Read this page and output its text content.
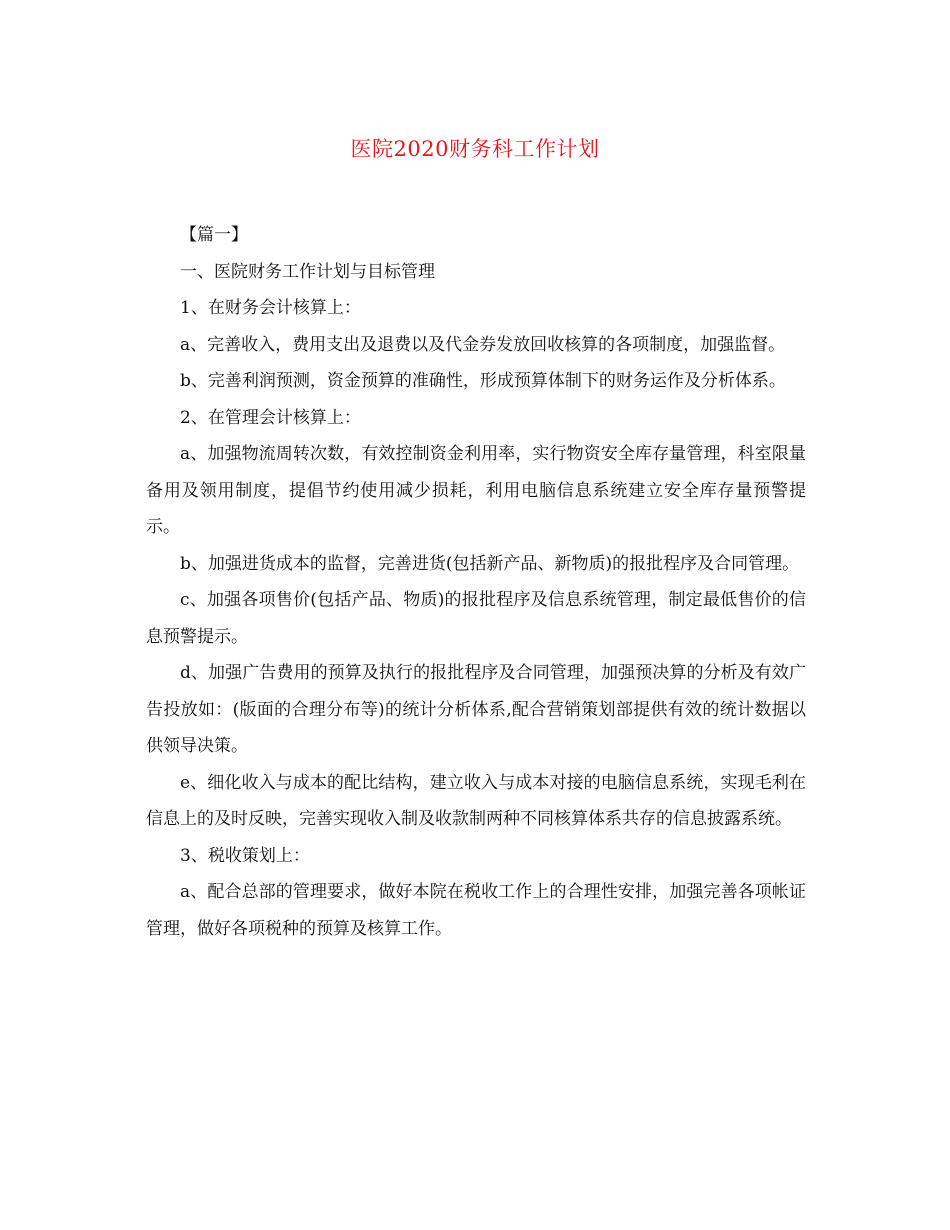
医院2020财务科工作计划

【篇一】

一、医院财务工作计划与目标管理

1、在财务会计核算上：

a、完善收入，费用支出及退费以及代金券发放回收核算的各项制度，加强监督。

b、完善利润预测，资金预算的准确性，形成预算体制下的财务运作及分析体系。

2、在管理会计核算上：

a、加强物流周转次数，有效控制资金利用率，实行物资安全库存量管理，科室限量备用及领用制度，提倡节约使用减少损耗，利用电脑信息系统建立安全库存量预警提示。

b、加强进货成本的监督，完善进货(包括新产品、新物质)的报批程序及合同管理。

c、加强各项售价(包括产品、物质)的报批程序及信息系统管理，制定最低售价的信息预警提示。

d、加强广告费用的预算及执行的报批程序及合同管理，加强预决算的分析及有效广告投放如：(版面的合理分布等)的统计分析体系,配合营销策划部提供有效的统计数据以供领导决策。

e、细化收入与成本的配比结构，建立收入与成本对接的电脑信息系统，实现毛利在信息上的及时反映，完善实现收入制及收款制两种不同核算体系共存的信息披露系统。

3、税收策划上：

a、配合总部的管理要求，做好本院在税收工作上的合理性安排，加强完善各项帐证管理，做好各项税种的预算及核算工作。
